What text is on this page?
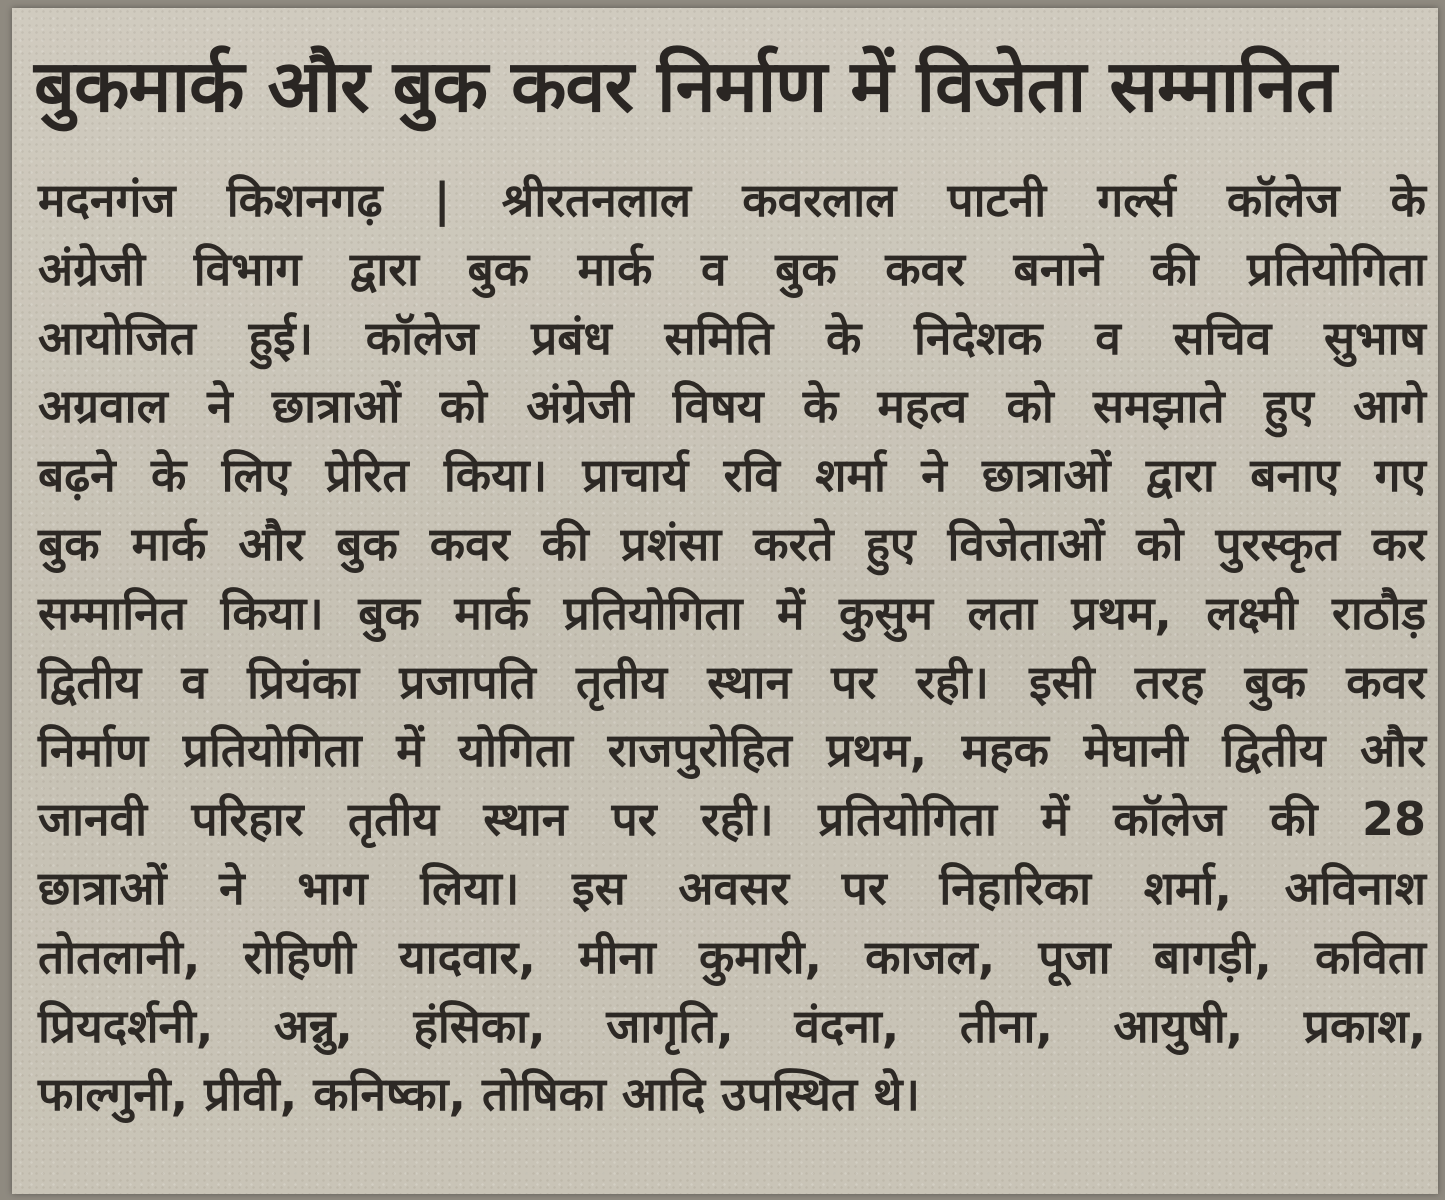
बुकमार्क और बुक कवर निर्माण में विजेता सम्मानित
मदनगंज किशनगढ़ | श्रीरतनलाल कवरलाल पाटनी गर्ल्स कॉलेज के
अंग्रेजी विभाग द्वारा बुक मार्क व बुक कवर बनाने की प्रतियोगिता
आयोजित हुई। कॉलेज प्रबंध समिति के निदेशक व सचिव सुभाष
अग्रवाल ने छात्राओं को अंग्रेजी विषय के महत्व को समझाते हुए आगे
बढ़ने के लिए प्रेरित किया। प्राचार्य रवि शर्मा ने छात्राओं द्वारा बनाए गए
बुक मार्क और बुक कवर की प्रशंसा करते हुए विजेताओं को पुरस्कृत कर
सम्मानित किया। बुक मार्क प्रतियोगिता में कुसुम लता प्रथम, लक्ष्मी राठौड़
द्वितीय व प्रियंका प्रजापति तृतीय स्थान पर रही। इसी तरह बुक कवर
निर्माण प्रतियोगिता में योगिता राजपुरोहित प्रथम, महक मेघानी द्वितीय और
जानवी परिहार तृतीय स्थान पर रही। प्रतियोगिता में कॉलेज की 28
छात्राओं ने भाग लिया। इस अवसर पर निहारिका शर्मा, अविनाश
तोतलानी, रोहिणी यादवार, मीना कुमारी, काजल, पूजा बागड़ी, कविता
प्रियदर्शनी, अन्नु, हंसिका, जागृति, वंदना, तीना, आयुषी, प्रकाश,
फाल्गुनी, प्रीवी, कनिष्का, तोषिका आदि उपस्थित थे।
